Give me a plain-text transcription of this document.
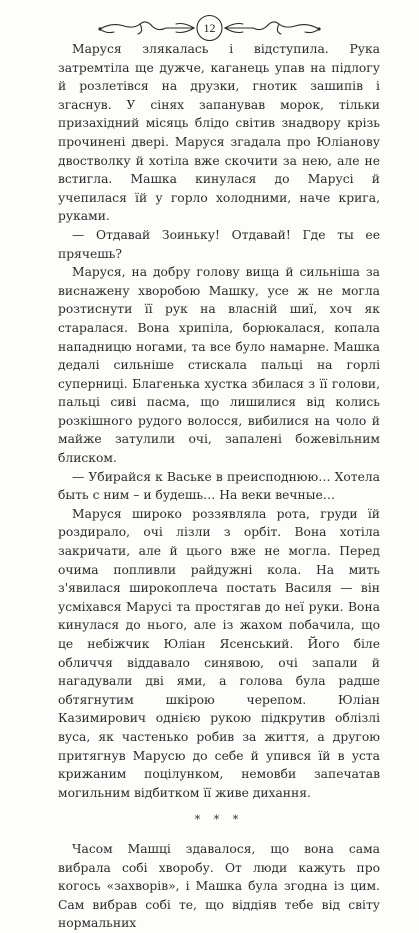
12

Маруся злякалась і відступила. Рука затремтіла ще дужче, каганець упав на підлогу й розлетівся на друзки, гнотик зашипів і згаснув. У сінях запанував морок, тільки призахідний місяць блідо світив знадвору крізь прочинені двері. Маруся згадала про Юліанову двостволку й хотіла вже скочити за нею, але не встигла. Машка кинулася до Марусі й учепилася їй у горло холодними, наче крига, руками.

— Отдавай Зоиньку! Отдавай! Где ты ее прячешь?

Маруся, на добру голову вища й сильніша за виснажену хворобою Машку, усе ж не могла розтиснути її рук на власній шиї, хоч як старалася. Вона хрипіла, борюкалася, копала нападницю ногами, та все було намарне. Машка дедалі сильніше стискала пальці на горлі суперниці. Благенька хустка збилася з її голови, пальці сиві пасма, що лишилися від колись розкішного рудого волосся, вибилися на чоло й майже затулили очі, запалені божевільним блиском.

— Убирайся к Ваське в преисподнюю… Хотела быть с ним – и будешь… На веки вечные…

Маруся широко роззявляла рота, груди їй роздирало, очі лізли з орбіт. Вона хотіла закричати, але й цього вже не могла. Перед очима попливли райдужні кола. На мить з'явилася широкоплеча постать Василя — він усміхався Марусі та простягав до неї руки. Вона кинулася до нього, але із жахом побачила, що це небіжчик Юліан Ясенський. Його біле обличчя віддавало синявою, очі запали й нагадували дві ями, а голова була радше обтягнутим шкірою черепом. Юліан Казимирович однією рукою підкрутив облізлі вуса, як частенько робив за життя, а другою притягнув Марусю до себе й упився їй в уста крижаним поцілунком, немовби запечатав могильним відбитком її живе дихання.

* * *

Часом Машці здавалося, що вона сама вибрала собі хворобу. От люди кажуть про когось «захворів», і Машка була згодна із цим. Сам вибрав собі те, що віддіяв тебе від світу нормальних
